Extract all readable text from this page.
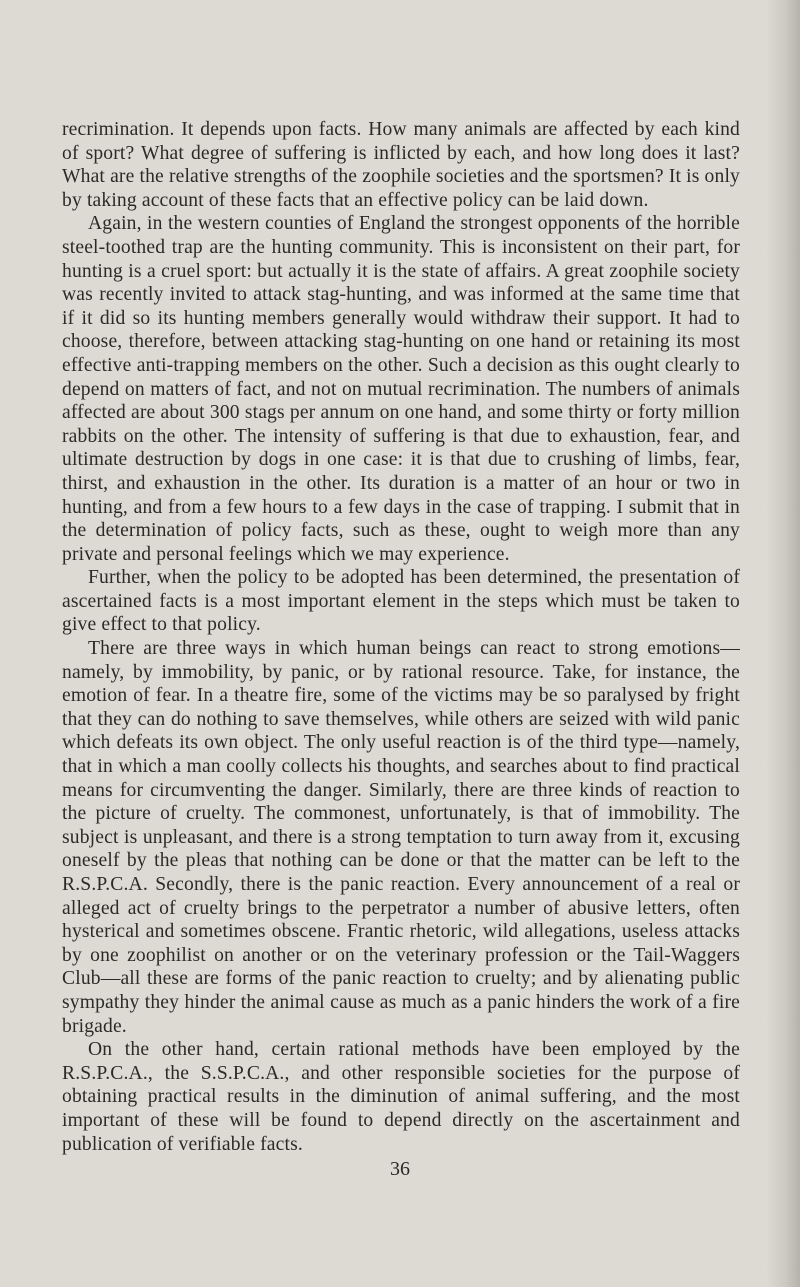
recrimination. It depends upon facts. How many animals are affected by each kind of sport? What degree of suffering is inflicted by each, and how long does it last? What are the relative strengths of the zoophile societies and the sportsmen? It is only by taking account of these facts that an effective policy can be laid down.

Again, in the western counties of England the strongest opponents of the horrible steel-toothed trap are the hunting community. This is inconsistent on their part, for hunting is a cruel sport: but actually it is the state of affairs. A great zoophile society was recently invited to attack stag-hunting, and was informed at the same time that if it did so its hunting members generally would withdraw their support. It had to choose, therefore, between attacking stag-hunting on one hand or retaining its most effective anti-trapping members on the other. Such a decision as this ought clearly to depend on matters of fact, and not on mutual recrimination. The numbers of animals affected are about 300 stags per annum on one hand, and some thirty or forty million rabbits on the other. The intensity of suffering is that due to exhaustion, fear, and ultimate destruction by dogs in one case: it is that due to crushing of limbs, fear, thirst, and exhaustion in the other. Its duration is a matter of an hour or two in hunting, and from a few hours to a few days in the case of trapping. I submit that in the determination of policy facts, such as these, ought to weigh more than any private and personal feelings which we may experience.

Further, when the policy to be adopted has been determined, the presentation of ascertained facts is a most important element in the steps which must be taken to give effect to that policy.

There are three ways in which human beings can react to strong emotions—namely, by immobility, by panic, or by rational resource. Take, for instance, the emotion of fear. In a theatre fire, some of the victims may be so paralysed by fright that they can do nothing to save themselves, while others are seized with wild panic which defeats its own object. The only useful reaction is of the third type—namely, that in which a man coolly collects his thoughts, and searches about to find practical means for circumventing the danger. Similarly, there are three kinds of reaction to the picture of cruelty. The commonest, unfortunately, is that of immobility. The subject is unpleasant, and there is a strong temptation to turn away from it, excusing oneself by the pleas that nothing can be done or that the matter can be left to the R.S.P.C.A. Secondly, there is the panic reaction. Every announcement of a real or alleged act of cruelty brings to the perpetrator a number of abusive letters, often hysterical and sometimes obscene. Frantic rhetoric, wild allegations, useless attacks by one zoophilist on another or on the veterinary profession or the Tail-Waggers Club—all these are forms of the panic reaction to cruelty; and by alienating public sympathy they hinder the animal cause as much as a panic hinders the work of a fire brigade.

On the other hand, certain rational methods have been employed by the R.S.P.C.A., the S.S.P.C.A., and other responsible societies for the purpose of obtaining practical results in the diminution of animal suffering, and the most important of these will be found to depend directly on the ascertainment and publication of verifiable facts.

36
